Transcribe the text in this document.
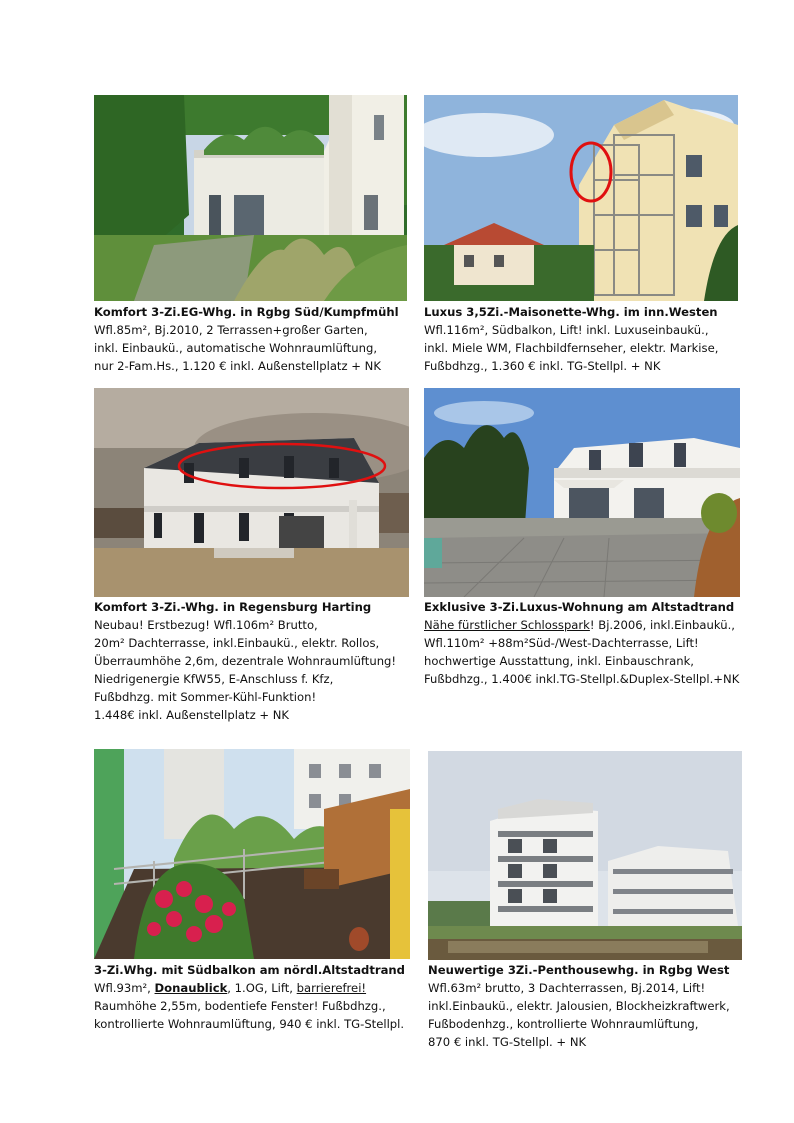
Komfort 3-Zi.EG-Whg. in Rgbg Süd/Kumpfmühl
Wfl.85m², Bj.2010, 2 Terrassen+großer Garten,
inkl. Einbaukü., automatische Wohnraumlüftung,
nur 2-Fam.Hs., 1.120 € inkl. Außenstellplatz + NK
Luxus 3,5Zi.-Maisonette-Whg. im inn.Westen
Wfl.116m², Südbalkon, Lift! inkl. Luxuseinbaukü.,
inkl. Miele WM, Flachbildfernseher, elektr. Markise,
Fußbdhzg., 1.360 € inkl. TG-Stellpl. + NK
Komfort 3-Zi.-Whg. in Regensburg Harting
Neubau! Erstbezug! Wfl.106m² Brutto,
20m² Dachterrasse, inkl.Einbaukü., elektr. Rollos,
Überraumhöhe 2,6m, dezentrale Wohnraumlüftung!
Niedrigenergie KfW55, E-Anschluss f. Kfz,
Fußbdhzg. mit Sommer-Kühl-Funktion!
1.448€ inkl. Außenstellplatz + NK
Exklusive 3-Zi.Luxus-Wohnung am Altstadtrand
Nähe fürstlicher Schlosspark! Bj.2006, inkl.Einbaukü.,
Wfl.110m² +88m²Süd-/West-Dachterrasse, Lift!
hochwertige Ausstattung, inkl. Einbauschrank,
Fußbdhzg., 1.400€ inkl.TG-Stellpl.&Duplex-Stellpl.+NK
3-Zi.Whg. mit Südbalkon am nördl.Altstadtrand
Wfl.93m², Donaublick, 1.OG, Lift, barrierefrei!
Raumhöhe 2,55m, bodentiefe Fenster! Fußbdhzg.,
kontrollierte Wohnraumlüftung, 940 € inkl. TG-Stellpl.
Neuwertige 3Zi.-Penthousewhg. in Rgbg West
Wfl.63m² brutto, 3 Dachterrassen, Bj.2014, Lift!
inkl.Einbaukü., elektr. Jalousien, Blockheizkraftwerk,
Fußbodenhzg., kontrollierte Wohnraumlüftung,
870 € inkl. TG-Stellpl. + NK
